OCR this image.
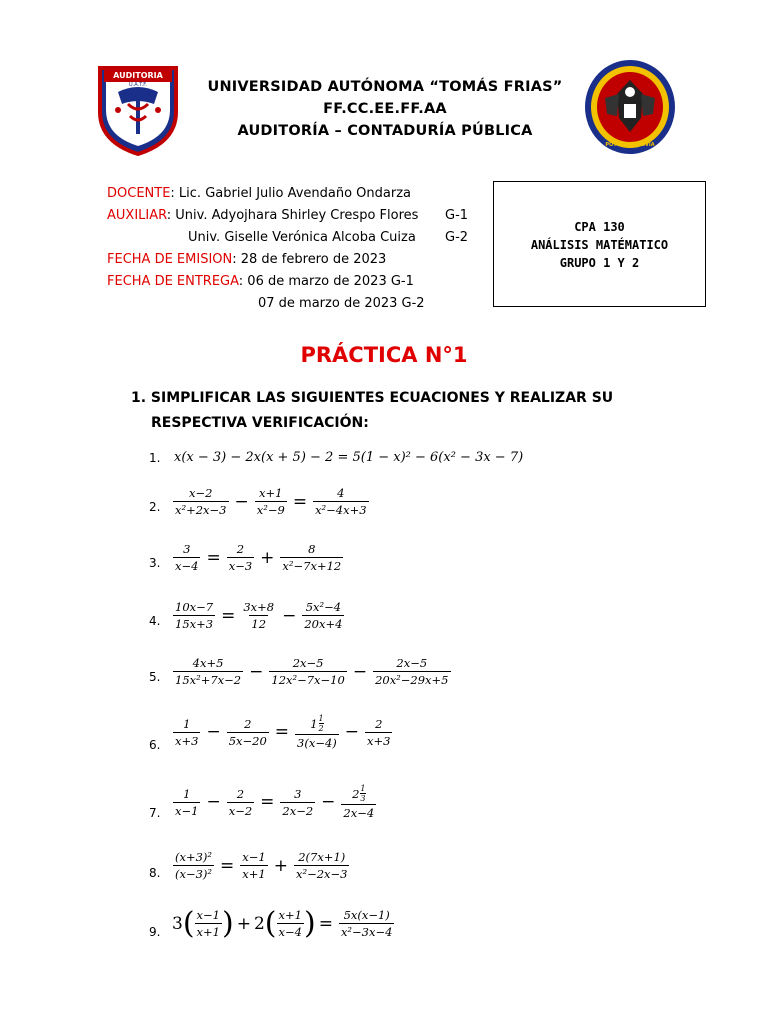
AUDITORIA
U.A.T.F.
POTOSI - BOLIVIA
UNIVERSIDAD AUTÓNOMA “TOMÁS FRIAS”
FF.CC.EE.FF.AA
AUDITORÍA – CONTADURÍA PÚBLICA
DOCENTE: Lic. Gabriel Julio Avendaño Ondarza
AUXILIAR: Univ. Adyojhara Shirley Crespo Flores G-1
Univ. Giselle Verónica Alcoba Cuiza G-2
FECHA DE EMISION: 28 de febrero de 2023
FECHA DE ENTREGA: 06 de marzo de 2023 G-1
07 de marzo de 2023 G-2
CPA 130
ANÁLISIS MATÉMATICO
GRUPO 1 Y 2
PRÁCTICA N°1
1. SIMPLIFICAR LAS SIGUIENTES ECUACIONES Y REALIZAR SU
RESPECTIVA VERIFICACIÓN:
1. x(x − 3) − 2x(x + 5) − 2 = 5(1 − x)² − 6(x² − 3x − 7)
2. $\frac{x-2}{\text{x²+2x−3}} - \frac{x+1}{\text{x²−9}} = \frac{4}{\text{x²−4x+3}}$
3. $\frac{3}{x-4} = \frac{2}{x-3} + \frac{8}{\text{x²−7x+12}}$
4. $\frac{10x-7}{15x+3} = \frac{3x+8}{12} - \frac{\text{5x²−4}}{20x+4}$
5. $\frac{4x+5}{\text{15x²+7x−2}} - \frac{2x-5}{\text{12x²−7x−10}} - \frac{2x-5}{\text{20x²−29x+5}}$
6. $\frac{1}{x+3} - \frac{2}{5x-20} = \frac{1 \frac{1}{2}}{3(x-4)} - \frac{2}{x+3}$
7. $\frac{1}{x-1} - \frac{2}{x-2} = \frac{3}{2x-2} - \frac{2 \frac{1}{3}}{2x-4}$
8. $\frac{\text{(x+3)²}}{\text{(x−3)²}} = \frac{x-1}{x+1} + \frac{2(7x+1)}{\text{x²−2x−3}}$
9. 3 ( $\frac{x-1}{x+1}$ ) + 2 ( $\frac{x+1}{x-4}$ ) = $\frac{5x(x-1)}{\text{x²−3x−4}}$
